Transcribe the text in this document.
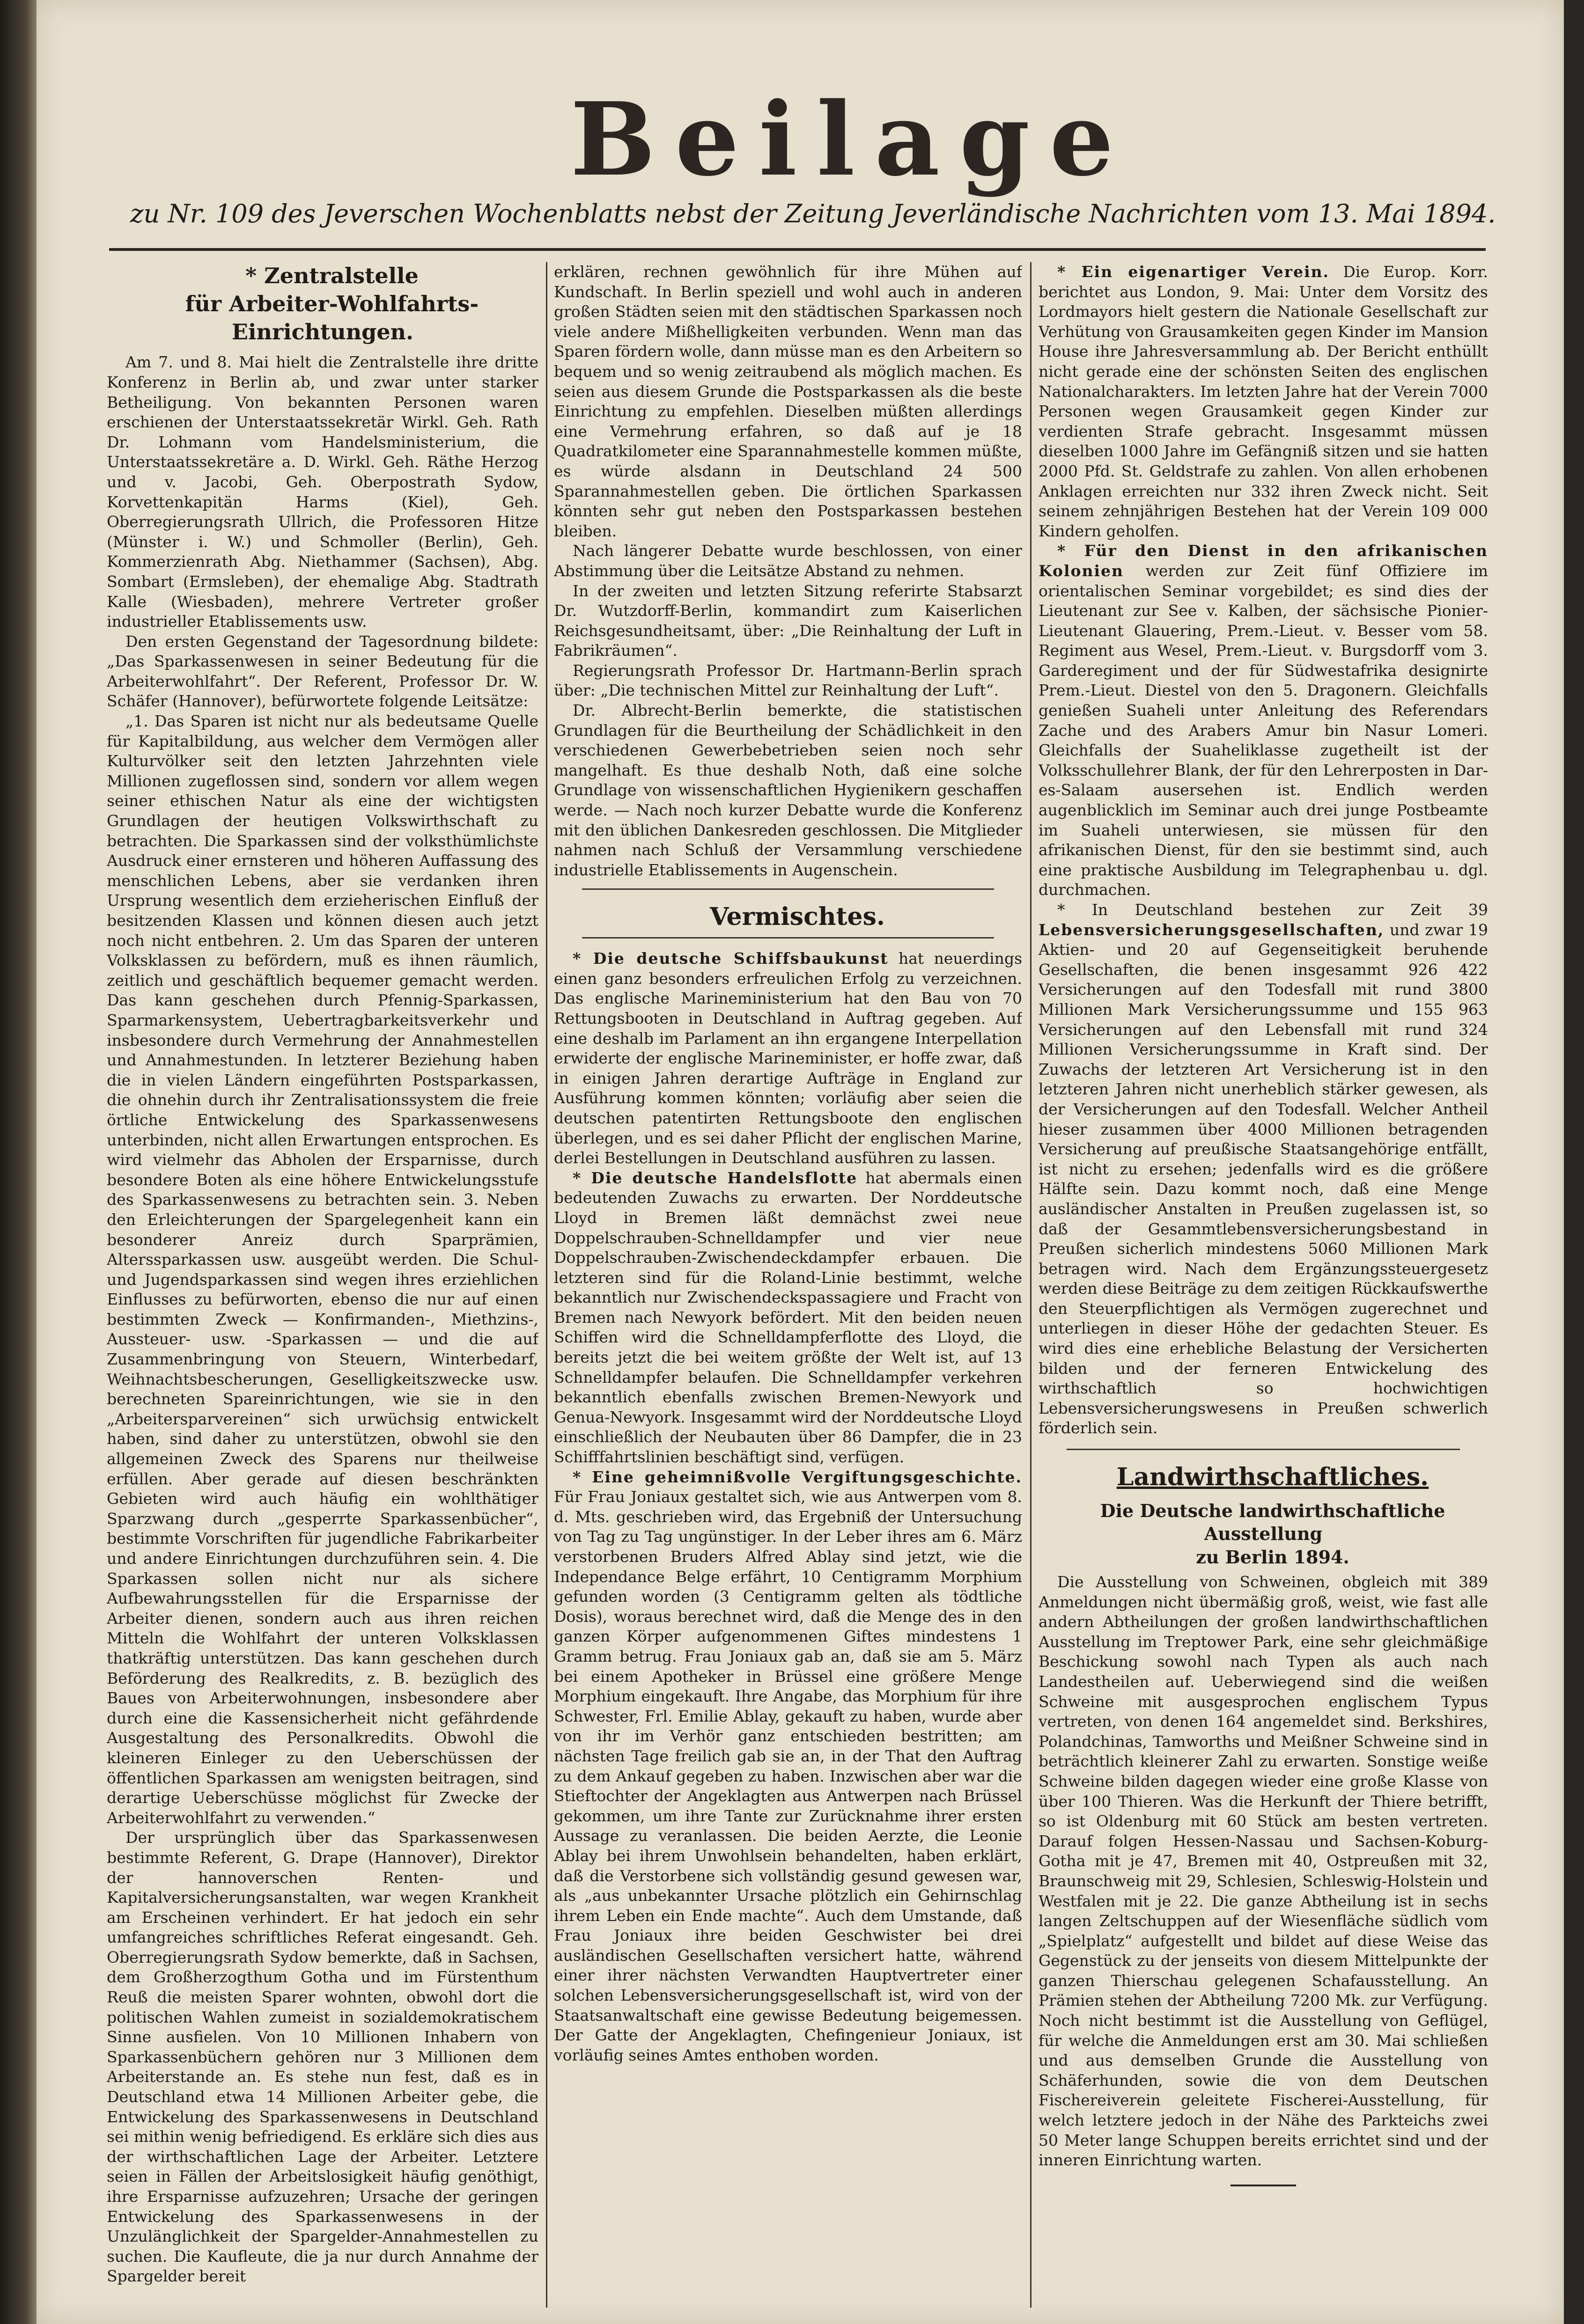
Beilage
zu Nr. 109 des Jeverschen Wochenblatts nebst der Zeitung Jeverländische Nachrichten vom 13. Mai 1894.

* Zentralstelle

für Arbeiter-Wohlfahrts-Einrichtungen.

Am 7. und 8. Mai hielt die Zentralstelle ihre dritte Konferenz in Berlin ab, und zwar unter starker Betheiligung. Von bekannten Personen waren erschienen der Unterstaatssekretär Wirkl. Geh. Rath Dr. Lohmann vom Handelsministerium, die Unterstaatssekretäre a. D. Wirkl. Geh. Räthe Herzog und v. Jacobi, Geh. Oberpostrath Sydow, Korvettenkapitän Harms (Kiel), Geh. Oberregierungsrath Ullrich, die Professoren Hitze (Münster i. W.) und Schmoller (Berlin), Geh. Kommerzienrath Abg. Niethammer (Sachsen), Abg. Sombart (Ermsleben), der ehemalige Abg. Stadtrath Kalle (Wiesbaden), mehrere Vertreter großer industrieller Etablissements usw.

Den ersten Gegenstand der Tagesordnung bildete: „Das Sparkassenwesen in seiner Bedeutung für die Arbeiterwohlfahrt“. Der Referent, Professor Dr. W. Schäfer (Hannover), befürwortete folgende Leitsätze:

„1. Das Sparen ist nicht nur als bedeutsame Quelle für Kapitalbildung, aus welcher dem Vermögen aller Kulturvölker seit den letzten Jahrzehnten viele Millionen zugeflossen sind, sondern vor allem wegen seiner ethischen Natur als eine der wichtigsten Grundlagen der heutigen Volkswirthschaft zu betrachten. Die Sparkassen sind der volksthümlichste Ausdruck einer ernsteren und höheren Auffassung des menschlichen Lebens, aber sie verdanken ihren Ursprung wesentlich dem erzieherischen Einfluß der besitzenden Klassen und können diesen auch jetzt noch nicht entbehren. 2. Um das Sparen der unteren Volksklassen zu befördern, muß es ihnen räumlich, zeitlich und geschäftlich bequemer gemacht werden. Das kann geschehen durch Pfennig-Sparkassen, Sparmarkensystem, Uebertragbarkeitsverkehr und insbesondere durch Vermehrung der Annahmestellen und Annahmestunden. In letzterer Beziehung haben die in vielen Ländern eingeführten Postsparkassen, die ohnehin durch ihr Zentralisationssystem die freie örtliche Entwickelung des Sparkassenwesens unterbinden, nicht allen Erwartungen entsprochen. Es wird vielmehr das Abholen der Ersparnisse, durch besondere Boten als eine höhere Entwickelungsstufe des Sparkassenwesens zu betrachten sein. 3. Neben den Erleichterungen der Spargelegenheit kann ein besonderer Anreiz durch Sparprämien, Alterssparkassen usw. ausgeübt werden. Die Schul- und Jugendsparkassen sind wegen ihres erziehlichen Einflusses zu befürworten, ebenso die nur auf einen bestimmten Zweck — Konfirmanden-, Miethzins-, Aussteuer- usw. -Sparkassen — und die auf Zusammenbringung von Steuern, Winterbedarf, Weihnachtsbescherungen, Geselligkeitszwecke usw. berechneten Spareinrichtungen, wie sie in den „Arbeitersparvereinen“ sich urwüchsig entwickelt haben, sind daher zu unterstützen, obwohl sie den allgemeinen Zweck des Sparens nur theilweise erfüllen. Aber gerade auf diesen beschränkten Gebieten wird auch häufig ein wohlthätiger Sparzwang durch „gesperrte Sparkassenbücher“, bestimmte Vorschriften für jugendliche Fabrikarbeiter und andere Einrichtungen durchzuführen sein. 4. Die Sparkassen sollen nicht nur als sichere Aufbewahrungsstellen für die Ersparnisse der Arbeiter dienen, sondern auch aus ihren reichen Mitteln die Wohlfahrt der unteren Volksklassen thatkräftig unterstützen. Das kann geschehen durch Beförderung des Realkredits, z. B. bezüglich des Baues von Arbeiterwohnungen, insbesondere aber durch eine die Kassensicherheit nicht gefährdende Ausgestaltung des Personalkredits. Obwohl die kleineren Einleger zu den Ueberschüssen der öffentlichen Sparkassen am wenigsten beitragen, sind derartige Ueberschüsse möglichst für Zwecke der Arbeiterwohlfahrt zu verwenden.“

Der ursprünglich über das Sparkassenwesen bestimmte Referent, G. Drape (Hannover), Direktor der hannoverschen Renten- und Kapitalversicherungsanstalten, war wegen Krankheit am Erscheinen verhindert. Er hat jedoch ein sehr umfangreiches schriftliches Referat eingesandt. Geh. Oberregierungsrath Sydow bemerkte, daß in Sachsen, dem Großherzogthum Gotha und im Fürstenthum Reuß die meisten Sparer wohnten, obwohl dort die politischen Wahlen zumeist in sozialdemokratischem Sinne ausfielen. Von 10 Millionen Inhabern von Sparkassenbüchern gehören nur 3 Millionen dem Arbeiterstande an. Es stehe nun fest, daß es in Deutschland etwa 14 Millionen Arbeiter gebe, die Entwickelung des Sparkassenwesens in Deutschland sei mithin wenig befriedigend. Es erkläre sich dies aus der wirthschaftlichen Lage der Arbeiter. Letztere seien in Fällen der Arbeitslosigkeit häufig genöthigt, ihre Ersparnisse aufzuzehren; Ursache der geringen Entwickelung des Sparkassenwesens in der Unzulänglichkeit der Spargelder-Annahmestellen zu suchen. Die Kaufleute, die ja nur durch Annahme der Spargelder bereit

erklären, rechnen gewöhnlich für ihre Mühen auf Kundschaft. In Berlin speziell und wohl auch in anderen großen Städten seien mit den städtischen Sparkassen noch viele andere Mißhelligkeiten verbunden. Wenn man das Sparen fördern wolle, dann müsse man es den Arbeitern so bequem und so wenig zeitraubend als möglich machen. Es seien aus diesem Grunde die Postsparkassen als die beste Einrichtung zu empfehlen. Dieselben müßten allerdings eine Vermehrung erfahren, so daß auf je 18 Quadratkilometer eine Sparannahmestelle kommen müßte, es würde alsdann in Deutschland 24 500 Sparannahmestellen geben. Die örtlichen Sparkassen könnten sehr gut neben den Postsparkassen bestehen bleiben.

Nach längerer Debatte wurde beschlossen, von einer Abstimmung über die Leitsätze Abstand zu nehmen.

In der zweiten und letzten Sitzung referirte Stabsarzt Dr. Wutzdorff-Berlin, kommandirt zum Kaiserlichen Reichsgesundheitsamt, über: „Die Reinhaltung der Luft in Fabrikräumen“.

Regierungsrath Professor Dr. Hartmann-Berlin sprach über: „Die technischen Mittel zur Reinhaltung der Luft“.

Dr. Albrecht-Berlin bemerkte, die statistischen Grundlagen für die Beurtheilung der Schädlichkeit in den verschiedenen Gewerbebetrieben seien noch sehr mangelhaft. Es thue deshalb Noth, daß eine solche Grundlage von wissenschaftlichen Hygienikern geschaffen werde. — Nach noch kurzer Debatte wurde die Konferenz mit den üblichen Dankesreden geschlossen. Die Mitglieder nahmen nach Schluß der Versammlung verschiedene industrielle Etablissements in Augenschein.

Vermischtes.

* Die deutsche Schiffsbaukunst hat neuerdings einen ganz besonders erfreulichen Erfolg zu verzeichnen. Das englische Marineministerium hat den Bau von 70 Rettungsbooten in Deutschland in Auftrag gegeben. Auf eine deshalb im Parlament an ihn ergangene Interpellation erwiderte der englische Marineminister, er hoffe zwar, daß in einigen Jahren derartige Aufträge in England zur Ausführung kommen könnten; vorläufig aber seien die deutschen patentirten Rettungsboote den englischen überlegen, und es sei daher Pflicht der englischen Marine, derlei Bestellungen in Deutschland ausführen zu lassen.

* Die deutsche Handelsflotte hat abermals einen bedeutenden Zuwachs zu erwarten. Der Norddeutsche Lloyd in Bremen läßt demnächst zwei neue Doppelschrauben-Schnelldampfer und vier neue Doppelschrauben-Zwischendeckdampfer erbauen. Die letzteren sind für die Roland-Linie bestimmt, welche bekanntlich nur Zwischendeckspassagiere und Fracht von Bremen nach Newyork befördert. Mit den beiden neuen Schiffen wird die Schnelldampferflotte des Lloyd, die bereits jetzt die bei weitem größte der Welt ist, auf 13 Schnelldampfer belaufen. Die Schnelldampfer verkehren bekanntlich ebenfalls zwischen Bremen-Newyork und Genua-Newyork. Insgesammt wird der Norddeutsche Lloyd einschließlich der Neubauten über 86 Dampfer, die in 23 Schifffahrtslinien beschäftigt sind, verfügen.

* Eine geheimnißvolle Vergiftungsgeschichte. Für Frau Joniaux gestaltet sich, wie aus Antwerpen vom 8. d. Mts. geschrieben wird, das Ergebniß der Untersuchung von Tag zu Tag ungünstiger. In der Leber ihres am 6. März verstorbenen Bruders Alfred Ablay sind jetzt, wie die Independance Belge erfährt, 10 Centigramm Morphium gefunden worden (3 Centigramm gelten als tödtliche Dosis), woraus berechnet wird, daß die Menge des in den ganzen Körper aufgenommenen Giftes mindestens 1 Gramm betrug. Frau Joniaux gab an, daß sie am 5. März bei einem Apotheker in Brüssel eine größere Menge Morphium eingekauft. Ihre Angabe, das Morphium für ihre Schwester, Frl. Emilie Ablay, gekauft zu haben, wurde aber von ihr im Verhör ganz entschieden bestritten; am nächsten Tage freilich gab sie an, in der That den Auftrag zu dem Ankauf gegeben zu haben. Inzwischen aber war die Stieftochter der Angeklagten aus Antwerpen nach Brüssel gekommen, um ihre Tante zur Zurücknahme ihrer ersten Aussage zu veranlassen. Die beiden Aerzte, die Leonie Ablay bei ihrem Unwohlsein behandelten, haben erklärt, daß die Verstorbene sich vollständig gesund gewesen war, als „aus unbekannter Ursache plötzlich ein Gehirnschlag ihrem Leben ein Ende machte“. Auch dem Umstande, daß Frau Joniaux ihre beiden Geschwister bei drei ausländischen Gesellschaften versichert hatte, während einer ihrer nächsten Verwandten Hauptvertreter einer solchen Lebensversicherungsgesellschaft ist, wird von der Staatsanwaltschaft eine gewisse Bedeutung beigemessen. Der Gatte der Angeklagten, Chefingenieur Joniaux, ist vorläufig seines Amtes enthoben worden.

* Ein eigenartiger Verein. Die Europ. Korr. berichtet aus London, 9. Mai: Unter dem Vorsitz des Lordmayors hielt gestern die Nationale Gesellschaft zur Verhütung von Grausamkeiten gegen Kinder im Mansion House ihre Jahresversammlung ab. Der Bericht enthüllt nicht gerade eine der schönsten Seiten des englischen Nationalcharakters. Im letzten Jahre hat der Verein 7000 Personen wegen Grausamkeit gegen Kinder zur verdienten Strafe gebracht. Insgesammt müssen dieselben 1000 Jahre im Gefängniß sitzen und sie hatten 2000 Pfd. St. Geldstrafe zu zahlen. Von allen erhobenen Anklagen erreichten nur 332 ihren Zweck nicht. Seit seinem zehnjährigen Bestehen hat der Verein 109 000 Kindern geholfen.

* Für den Dienst in den afrikanischen Kolonien werden zur Zeit fünf Offiziere im orientalischen Seminar vorgebildet; es sind dies der Lieutenant zur See v. Kalben, der sächsische Pionier-Lieutenant Glauering, Prem.-Lieut. v. Besser vom 58. Regiment aus Wesel, Prem.-Lieut. v. Burgsdorff vom 3. Garderegiment und der für Südwestafrika designirte Prem.-Lieut. Diestel von den 5. Dragonern. Gleichfalls genießen Suaheli unter Anleitung des Referendars Zache und des Arabers Amur bin Nasur Lomeri. Gleichfalls der Suaheliklasse zugetheilt ist der Volksschullehrer Blank, der für den Lehrerposten in Dar-es-Salaam ausersehen ist. Endlich werden augenblicklich im Seminar auch drei junge Postbeamte im Suaheli unterwiesen, sie müssen für den afrikanischen Dienst, für den sie bestimmt sind, auch eine praktische Ausbildung im Telegraphenbau u. dgl. durchmachen.

* In Deutschland bestehen zur Zeit 39 Lebensversicherungsgesellschaften, und zwar 19 Aktien- und 20 auf Gegenseitigkeit beruhende Gesellschaften, die benen insgesammt 926 422 Versicherungen auf den Todesfall mit rund 3800 Millionen Mark Versicherungssumme und 155 963 Versicherungen auf den Lebensfall mit rund 324 Millionen Versicherungssumme in Kraft sind. Der Zuwachs der letzteren Art Versicherung ist in den letzteren Jahren nicht unerheblich stärker gewesen, als der Versicherungen auf den Todesfall. Welcher Antheil hieser zusammen über 4000 Millionen betragenden Versicherung auf preußische Staatsangehörige entfällt, ist nicht zu ersehen; jedenfalls wird es die größere Hälfte sein. Dazu kommt noch, daß eine Menge ausländischer Anstalten in Preußen zugelassen ist, so daß der Gesammtlebensversicherungsbestand in Preußen sicherlich mindestens 5060 Millionen Mark betragen wird. Nach dem Ergänzungssteuergesetz werden diese Beiträge zu dem zeitigen Rückkaufswerthe den Steuerpflichtigen als Vermögen zugerechnet und unterliegen in dieser Höhe der gedachten Steuer. Es wird dies eine erhebliche Belastung der Versicherten bilden und der ferneren Entwickelung des wirthschaftlich so hochwichtigen Lebensversicherungswesens in Preußen schwerlich förderlich sein.

Landwirthschaftliches.

Die Deutsche landwirthschaftliche Ausstellung

zu Berlin 1894.

Die Ausstellung von Schweinen, obgleich mit 389 Anmeldungen nicht übermäßig groß, weist, wie fast alle andern Abtheilungen der großen landwirthschaftlichen Ausstellung im Treptower Park, eine sehr gleichmäßige Beschickung sowohl nach Typen als auch nach Landestheilen auf. Ueberwiegend sind die weißen Schweine mit ausgesprochen englischem Typus vertreten, von denen 164 angemeldet sind. Berkshires, Polandchinas, Tamworths und Meißner Schweine sind in beträchtlich kleinerer Zahl zu erwarten. Sonstige weiße Schweine bilden dagegen wieder eine große Klasse von über 100 Thieren. Was die Herkunft der Thiere betrifft, so ist Oldenburg mit 60 Stück am besten vertreten. Darauf folgen Hessen-Nassau und Sachsen-Koburg-Gotha mit je 47, Bremen mit 40, Ostpreußen mit 32, Braunschweig mit 29, Schlesien, Schleswig-Holstein und Westfalen mit je 22. Die ganze Abtheilung ist in sechs langen Zeltschuppen auf der Wiesenfläche südlich vom „Spielplatz“ aufgestellt und bildet auf diese Weise das Gegenstück zu der jenseits von diesem Mittelpunkte der ganzen Thierschau gelegenen Schafausstellung. An Prämien stehen der Abtheilung 7200 Mk. zur Verfügung. Noch nicht bestimmt ist die Ausstellung von Geflügel, für welche die Anmeldungen erst am 30. Mai schließen und aus demselben Grunde die Ausstellung von Schäferhunden, sowie die von dem Deutschen Fischereiverein geleitete Fischerei-Ausstellung, für welch letztere jedoch in der Nähe des Parkteichs zwei 50 Meter lange Schuppen bereits errichtet sind und der inneren Einrichtung warten.
